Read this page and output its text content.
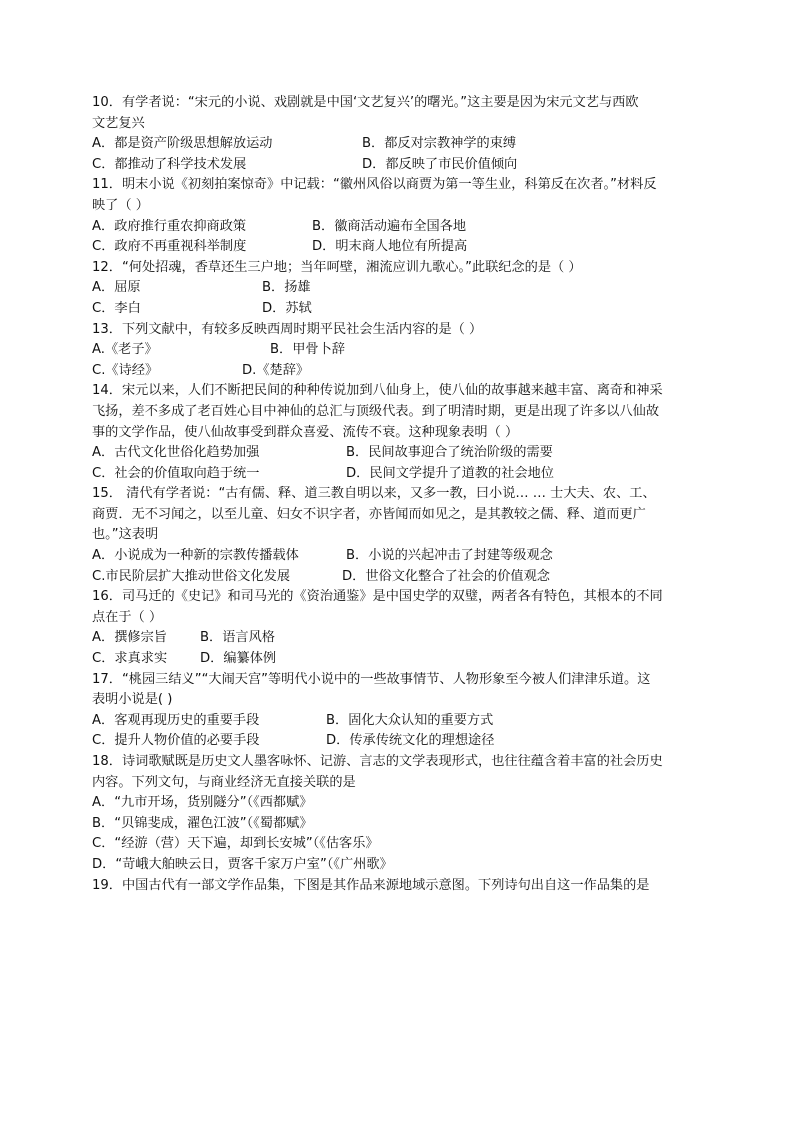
10．有学者说：“宋元的小说、戏剧就是中国‘文艺复兴’的曙光。”这主要是因为宋元文艺与西欧
文艺复兴
A．都是资产阶级思想解放运动	B．都反对宗教神学的束缚
C．都推动了科学技术发展	D．都反映了市民价值倾向
11．明末小说《初刻拍案惊奇》中记载：“徽州风俗以商贾为第一等生业，科第反在次者。”材料反
映了（ ）
A．政府推行重农抑商政策	B．徽商活动遍布全国各地
C．政府不再重视科举制度	D．明末商人地位有所提高
12．“何处招魂，香草还生三户地；当年呵壁，湘流应训九歌心。”此联纪念的是（ ）
A．屈原	B．扬雄
C．李白	D．苏轼
13．下列文献中，有较多反映西周时期平民社会生活内容的是（ ）
A.《老子》	B．甲骨卜辞
C.《诗经》	D.《楚辞》
14．宋元以来，人们不断把民间的种种传说加到八仙身上，使八仙的故事越来越丰富、离奇和神采
飞扬，差不多成了老百姓心目中神仙的总汇与顶级代表。到了明清时期，更是出现了许多以八仙故
事的文学作品，使八仙故事受到群众喜爱、流传不衰。这种现象表明（ ）
A．古代文化世俗化趋势加强	B．民间故事迎合了统治阶级的需要
C．社会的价值取向趋于统一	D．民间文学提升了道教的社会地位
15． 清代有学者说：“古有儒、释、道三教自明以来，又多一教，曰小说… … 士大夫、农、工、
商贾．无不习闻之，以至儿童、妇女不识字者，亦皆闻而如见之，是其教较之儒、释、道而更广
也。”这表明
A．小说成为一种新的宗教传播载体	B．小说的兴起冲击了封建等级观念
C.市民阶层扩大推动世俗文化发展	D．世俗文化整合了社会的价值观念
16．司马迁的《史记》和司马光的《资治通鉴》是中国史学的双璧，两者各有特色，其根本的不同
点在于（ ）
A．撰修宗旨	B．语言风格
C．求真求实	D．编纂体例
17．“桃园三结义”“大闹天宫”等明代小说中的一些故事情节、人物形象至今被人们津津乐道。这
表明小说是( )
A．客观再现历史的重要手段	B．固化大众认知的重要方式
C．提升人物价值的必要手段	D．传承传统文化的理想途径
18．诗词歌赋既是历史文人墨客咏怀、记游、言志的文学表现形式，也往往蕴含着丰富的社会历史
内容。下列文句，与商业经济无直接关联的是
A．“九市开场，货别隧分”（《西都赋》
B．“贝锦斐成，濯色江波”（《蜀都赋》
C．“经游（营）天下遍，却到长安城”（《估客乐》
D．“苛峨大舶映云日，贾客千家万户室”（《广州歌》
19．中国古代有一部文学作品集，下图是其作品来源地域示意图。下列诗句出自这一作品集的是
